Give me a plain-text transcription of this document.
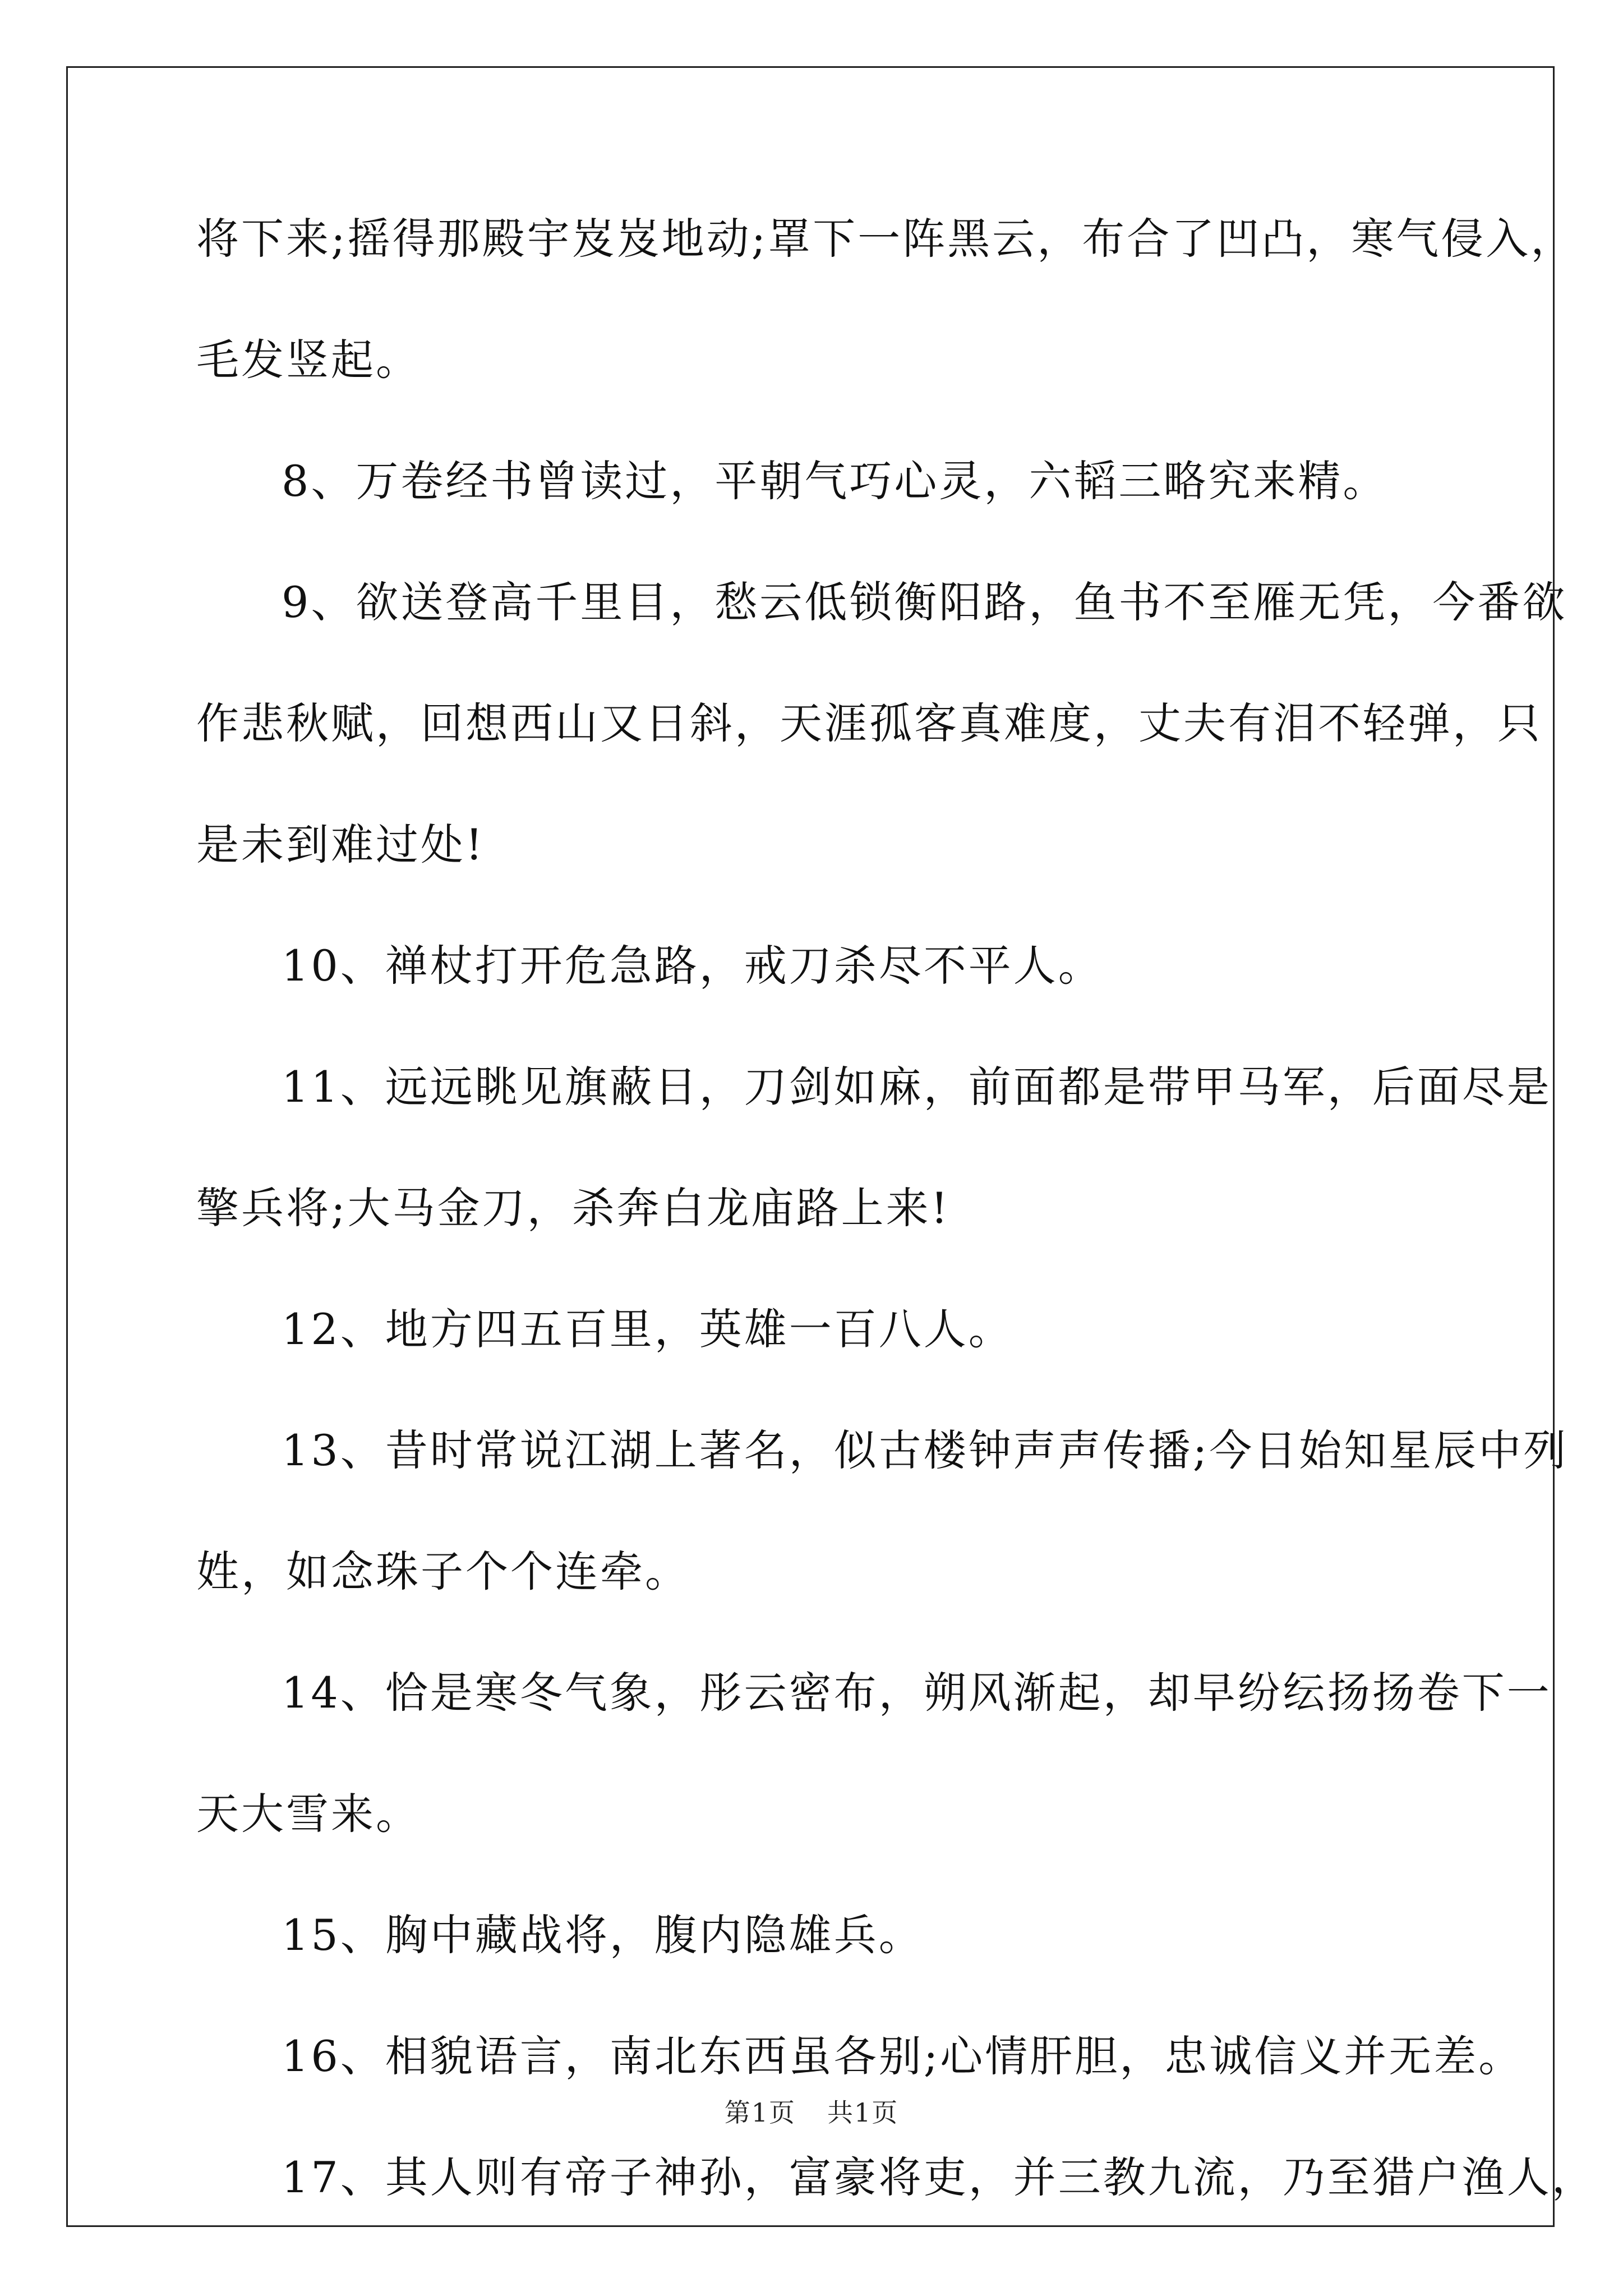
将下来;摇得那殿宇岌岌地动;罩下一阵黑云，布合了凹凸，寒气侵入，
毛发竖起。
8、万卷经书曾读过，平朝气巧心灵，六韬三略究来精。
9、欲送登高千里目，愁云低锁衡阳路，鱼书不至雁无凭，今番欲
作悲秋赋，回想西山又日斜，天涯孤客真难度，丈夫有泪不轻弹，只
是未到难过处!
10、禅杖打开危急路，戒刀杀尽不平人。
11、远远眺见旗蔽日，刀剑如麻，前面都是带甲马军，后面尽是
擎兵将;大马金刀，杀奔白龙庙路上来!
12、地方四五百里，英雄一百八人。
13、昔时常说江湖上著名，似古楼钟声声传播;今日始知星辰中列
姓，如念珠子个个连牵。
14、恰是寒冬气象，彤云密布，朔风渐起，却早纷纭扬扬卷下一
天大雪来。
15、胸中藏战将，腹内隐雄兵。
16、相貌语言，南北东西虽各别;心情肝胆，忠诚信义并无差。
17、其人则有帝子神孙，富豪将吏，并三教九流，乃至猎户渔人，
第1页 共1页
